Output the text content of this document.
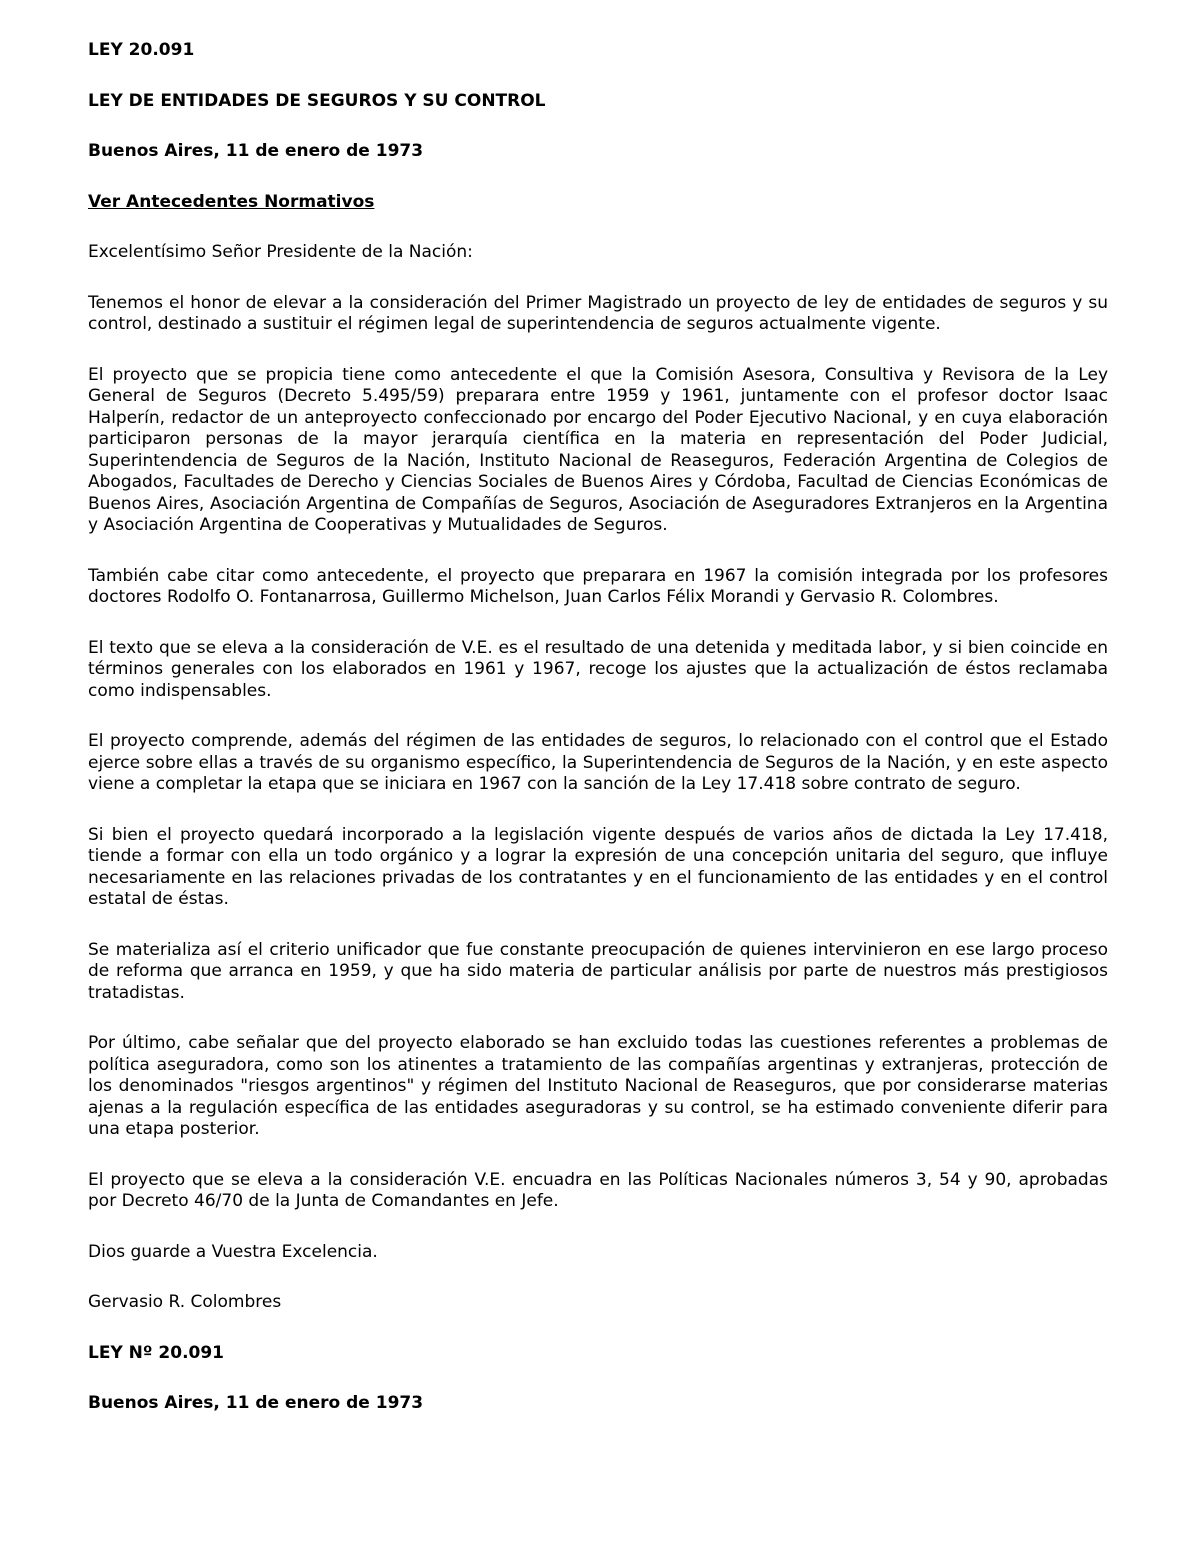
LEY 20.091
LEY DE ENTIDADES DE SEGUROS Y SU CONTROL
Buenos Aires, 11 de enero de 1973
Ver Antecedentes Normativos
Excelentísimo Señor Presidente de la Nación:
Tenemos el honor de elevar a la consideración del Primer Magistrado un proyecto de ley de entidades de seguros y su control, destinado a sustituir el régimen legal de superintendencia de seguros actualmente vigente.
El proyecto que se propicia tiene como antecedente el que la Comisión Asesora, Consultiva y Revisora de la Ley General de Seguros (Decreto 5.495/59) preparara entre 1959 y 1961, juntamente con el profesor doctor Isaac Halperín, redactor de un anteproyecto confeccionado por encargo del Poder Ejecutivo Nacional, y en cuya elaboración participaron personas de la mayor jerarquía científica en la materia en representación del Poder Judicial, Superintendencia de Seguros de la Nación, Instituto Nacional de Reaseguros, Federación Argentina de Colegios de Abogados, Facultades de Derecho y Ciencias Sociales de Buenos Aires y Córdoba, Facultad de Ciencias Económicas de Buenos Aires, Asociación Argentina de Compañías de Seguros, Asociación de Aseguradores Extranjeros en la Argentina y Asociación Argentina de Cooperativas y Mutualidades de Seguros.
También cabe citar como antecedente, el proyecto que preparara en 1967 la comisión integrada por los profesores doctores Rodolfo O. Fontanarrosa, Guillermo Michelson, Juan Carlos Félix Morandi y Gervasio R. Colombres.
El texto que se eleva a la consideración de V.E. es el resultado de una detenida y meditada labor, y si bien coincide en términos generales con los elaborados en 1961 y 1967, recoge los ajustes que la actualización de éstos reclamaba como indispensables.
El proyecto comprende, además del régimen de las entidades de seguros, lo relacionado con el control que el Estado ejerce sobre ellas a través de su organismo específico, la Superintendencia de Seguros de la Nación, y en este aspecto viene a completar la etapa que se iniciara en 1967 con la sanción de la Ley 17.418 sobre contrato de seguro.
Si bien el proyecto quedará incorporado a la legislación vigente después de varios años de dictada la Ley 17.418, tiende a formar con ella un todo orgánico y a lograr la expresión de una concepción unitaria del seguro, que influye necesariamente en las relaciones privadas de los contratantes y en el funcionamiento de las entidades y en el control estatal de éstas.
Se materializa así el criterio unificador que fue constante preocupación de quienes intervinieron en ese largo proceso de reforma que arranca en 1959, y que ha sido materia de particular análisis por parte de nuestros más prestigiosos tratadistas.
Por último, cabe señalar que del proyecto elaborado se han excluido todas las cuestiones referentes a problemas de política aseguradora, como son los atinentes a tratamiento de las compañías argentinas y extranjeras, protección de los denominados "riesgos argentinos" y régimen del Instituto Nacional de Reaseguros, que por considerarse materias ajenas a la regulación específica de las entidades aseguradoras y su control, se ha estimado conveniente diferir para una etapa posterior.
El proyecto que se eleva a la consideración V.E. encuadra en las Políticas Nacionales números 3, 54 y 90, aprobadas por Decreto 46/70 de la Junta de Comandantes en Jefe.
Dios guarde a Vuestra Excelencia.
Gervasio R. Colombres
LEY Nº 20.091
Buenos Aires, 11 de enero de 1973
